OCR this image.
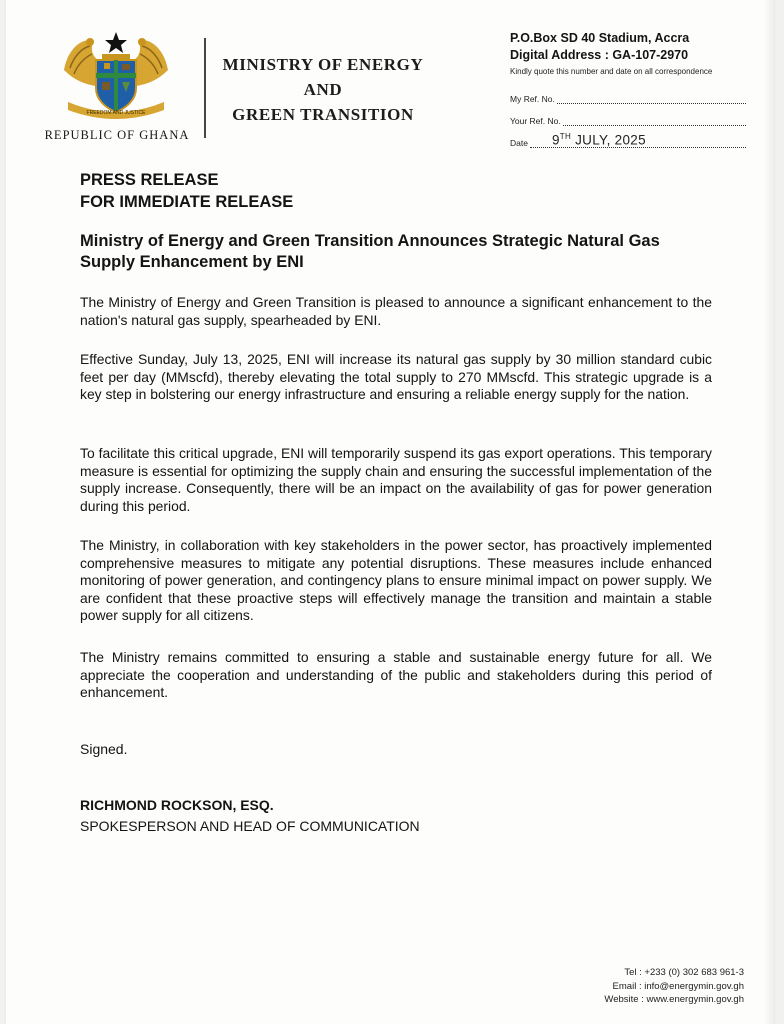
FREEDOM AND JUSTICE
REPUBLIC OF GHANA
MINISTRY OF ENERGY
AND
GREEN TRANSITION
P.O.Box SD 40 Stadium, Accra
Digital Address : GA-107-2970
Kindly quote this number and date on all correspondence
My Ref. No.
Your Ref. No.
Date 9TH JULY, 2025
PRESS RELEASE
FOR IMMEDIATE RELEASE
Ministry of Energy and Green Transition Announces Strategic Natural Gas Supply Enhancement by ENI
The Ministry of Energy and Green Transition is pleased to announce a significant enhancement to the nation's natural gas supply, spearheaded by ENI.
Effective Sunday, July 13, 2025, ENI will increase its natural gas supply by 30 million standard cubic feet per day (MMscfd), thereby elevating the total supply to 270 MMscfd. This strategic upgrade is a key step in bolstering our energy infrastructure and ensuring a reliable energy supply for the nation.
To facilitate this critical upgrade, ENI will temporarily suspend its gas export operations. This temporary measure is essential for optimizing the supply chain and ensuring the successful implementation of the supply increase. Consequently, there will be an impact on the availability of gas for power generation during this period.
The Ministry, in collaboration with key stakeholders in the power sector, has proactively implemented comprehensive measures to mitigate any potential disruptions. These measures include enhanced monitoring of power generation, and contingency plans to ensure minimal impact on power supply. We are confident that these proactive steps will effectively manage the transition and maintain a stable power supply for all citizens.
The Ministry remains committed to ensuring a stable and sustainable energy future for all. We appreciate the cooperation and understanding of the public and stakeholders during this period of enhancement.
Signed.
RICHMOND ROCKSON, ESQ.
SPOKESPERSON AND HEAD OF COMMUNICATION
Tel : +233 (0) 302 683 961-3
Email : info@energymin.gov.gh
Website : www.energymin.gov.gh
